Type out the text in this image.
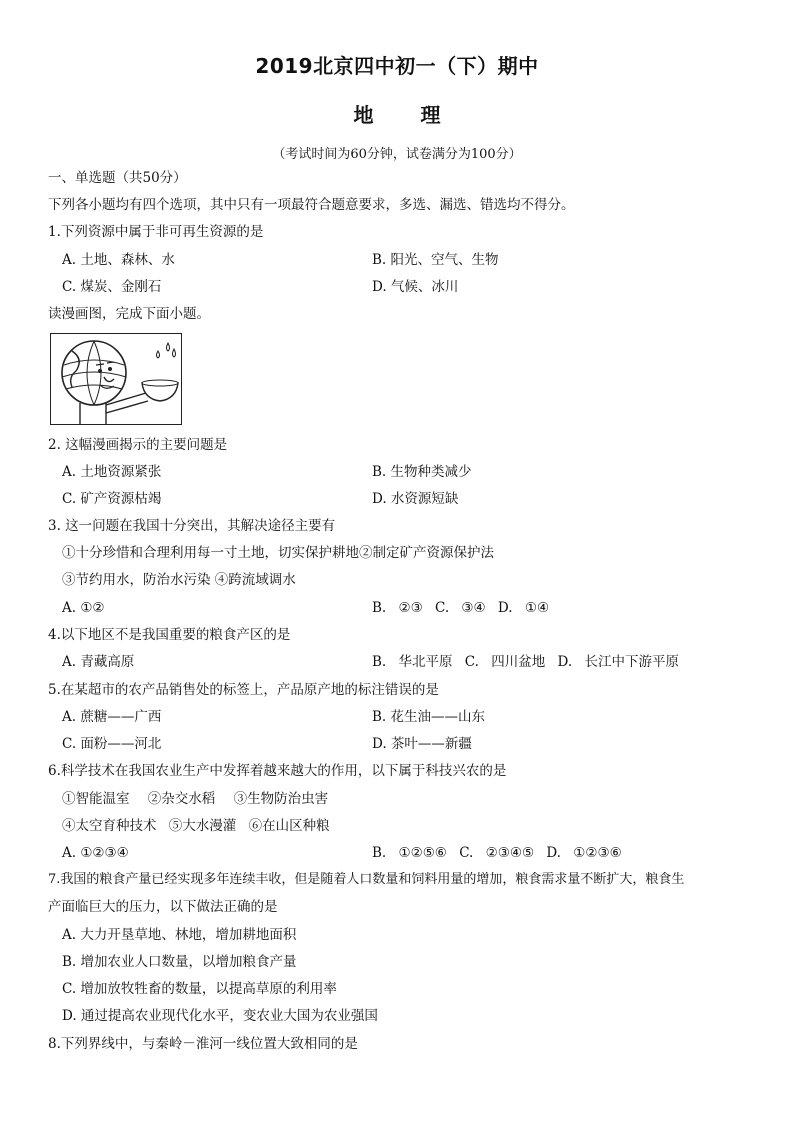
2019北京四中初一（下）期中
地 理
（考试时间为60分钟，试卷满分为100分）
一、单选题（共50分）
下列各小题均有四个选项，其中只有一项最符合题意要求，多选、漏选、错选均不得分。
1.下列资源中属于非可再生资源的是
A. 土地、森林、水	B. 阳光、空气、生物
C. 煤炭、金刚石	D. 气候、冰川
读漫画图，完成下面小题。
2. 这幅漫画揭示的主要问题是
A. 土地资源紧张	B. 生物种类减少
C. 矿产资源枯竭	D. 水资源短缺
3. 这一问题在我国十分突出，其解决途径主要有
①十分珍惜和合理利用每一寸土地，切实保护耕地②制定矿产资源保护法
③节约用水，防治水污染 ④跨流域调水
A. ①②	B. ②③ C. ③④ D. ①④
4.以下地区不是我国重要的粮食产区的是
A. 青藏高原	B. 华北平原 C. 四川盆地 D. 长江中下游平原
5.在某超市的农产品销售处的标签上，产品原产地的标注错误的是
A. 蔗糖——广西	B. 花生油——山东
C. 面粉——河北	D. 茶叶——新疆
6.科学技术在我国农业生产中发挥着越来越大的作用，以下属于科技兴农的是
①智能温室 ②杂交水稻 ③生物防治虫害
④太空育种技术 ⑤大水漫灌 ⑥在山区种粮
A. ①②③④	B. ①②⑤⑥ C. ②③④⑤ D. ①②③⑥
7.我国的粮食产量已经实现多年连续丰收，但是随着人口数量和饲料用量的增加，粮食需求量不断扩大，粮食生
产面临巨大的压力，以下做法正确的是
A. 大力开垦草地、林地，增加耕地面积
B. 增加农业人口数量，以增加粮食产量
C. 增加放牧牲畜的数量，以提高草原的利用率
D. 通过提高农业现代化水平，变农业大国为农业强国
8.下列界线中，与秦岭－淮河一线位置大致相同的是
